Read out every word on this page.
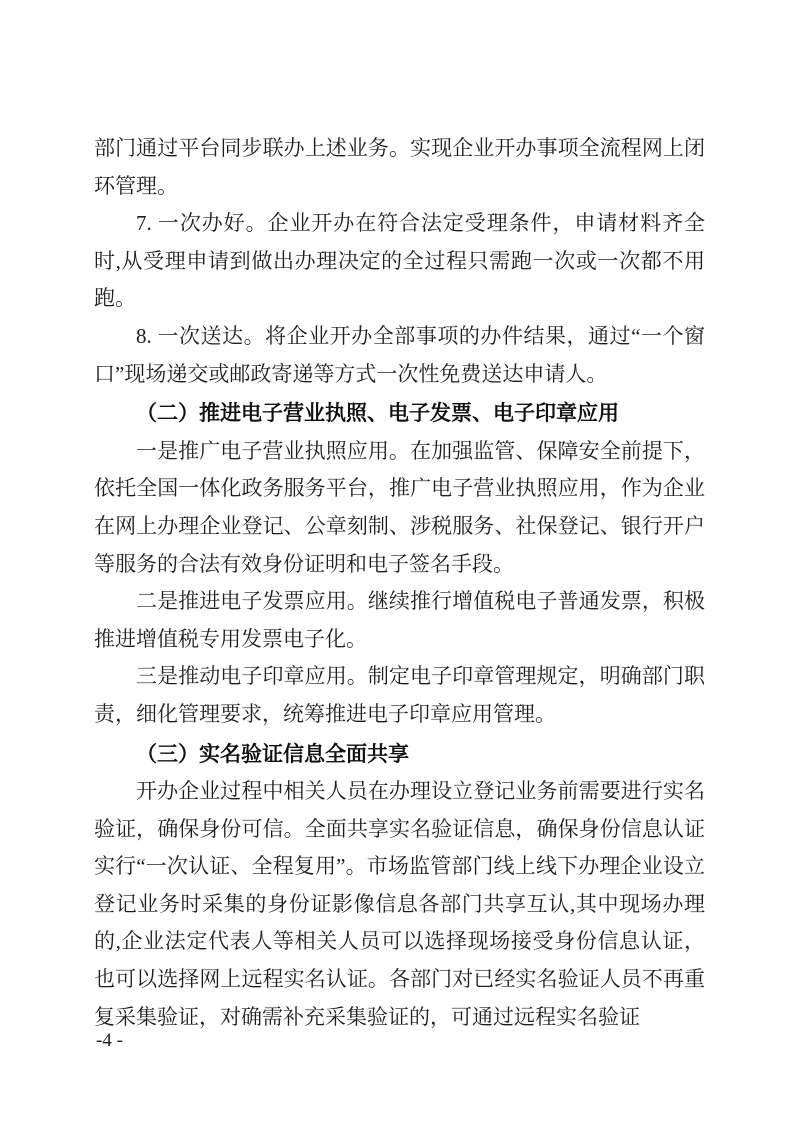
部门通过平台同步联办上述业务。实现企业开办事项全流程网上闭环管理。

7. 一次办好。企业开办在符合法定受理条件，申请材料齐全时,从受理申请到做出办理决定的全过程只需跑一次或一次都不用跑。

8. 一次送达。将企业开办全部事项的办件结果，通过“一个窗口”现场递交或邮政寄递等方式一次性免费送达申请人。

（二）推进电子营业执照、电子发票、电子印章应用

一是推广电子营业执照应用。在加强监管、保障安全前提下，依托全国一体化政务服务平台，推广电子营业执照应用，作为企业在网上办理企业登记、公章刻制、涉税服务、社保登记、银行开户等服务的合法有效身份证明和电子签名手段。

二是推进电子发票应用。继续推行增值税电子普通发票，积极推进增值税专用发票电子化。

三是推动电子印章应用。制定电子印章管理规定，明确部门职责，细化管理要求，统筹推进电子印章应用管理。

（三）实名验证信息全面共享

开办企业过程中相关人员在办理设立登记业务前需要进行实名验证，确保身份可信。全面共享实名验证信息，确保身份信息认证实行“一次认证、全程复用”。市场监管部门线上线下办理企业设立登记业务时采集的身份证影像信息各部门共享互认,其中现场办理的,企业法定代表人等相关人员可以选择现场接受身份信息认证，也可以选择网上远程实名认证。各部门对已经实名验证人员不再重复采集验证，对确需补充采集验证的，可通过远程实名验证

-4 -
